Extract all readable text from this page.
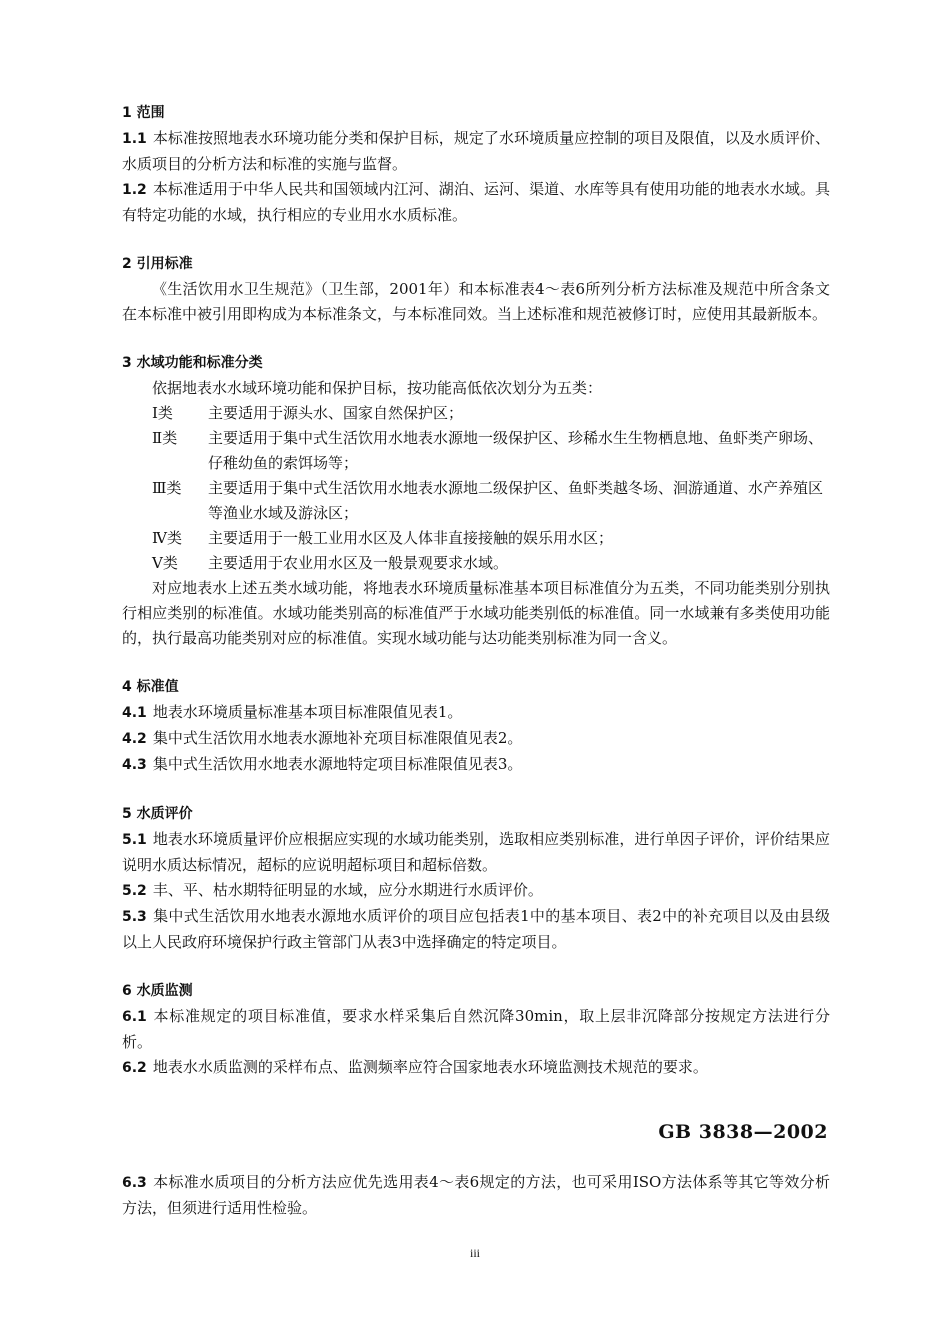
1 范围

1.1 本标准按照地表水环境功能分类和保护目标，规定了水环境质量应控制的项目及限值，以及水质评价、水质项目的分析方法和标准的实施与监督。

1.2 本标准适用于中华人民共和国领域内江河、湖泊、运河、渠道、水库等具有使用功能的地表水水域。具有特定功能的水域，执行相应的专业用水水质标准。

2 引用标准

《生活饮用水卫生规范》（卫生部，2001年）和本标准表4～表6所列分析方法标准及规范中所含条文在本标准中被引用即构成为本标准条文，与本标准同效。当上述标准和规范被修订时，应使用其最新版本。

3 水域功能和标准分类

依据地表水水域环境功能和保护目标，按功能高低依次划分为五类：

Ⅰ类	主要适用于源头水、国家自然保护区；
Ⅱ类	主要适用于集中式生活饮用水地表水源地一级保护区、珍稀水生生物栖息地、鱼虾类产卵场、仔稚幼鱼的索饵场等；
Ⅲ类	主要适用于集中式生活饮用水地表水源地二级保护区、鱼虾类越冬场、洄游通道、水产养殖区等渔业水域及游泳区；
Ⅳ类	主要适用于一般工业用水区及人体非直接接触的娱乐用水区；
Ⅴ类	主要适用于农业用水区及一般景观要求水域。

对应地表水上述五类水域功能，将地表水环境质量标准基本项目标准值分为五类，不同功能类别分别执行相应类别的标准值。水域功能类别高的标准值严于水域功能类别低的标准值。同一水域兼有多类使用功能的，执行最高功能类别对应的标准值。实现水域功能与达功能类别标准为同一含义。

4 标准值

4.1 地表水环境质量标准基本项目标准限值见表1。

4.2 集中式生活饮用水地表水源地补充项目标准限值见表2。

4.3 集中式生活饮用水地表水源地特定项目标准限值见表3。

5 水质评价

5.1 地表水环境质量评价应根据应实现的水域功能类别，选取相应类别标准，进行单因子评价，评价结果应说明水质达标情况，超标的应说明超标项目和超标倍数。

5.2 丰、平、枯水期特征明显的水域，应分水期进行水质评价。

5.3 集中式生活饮用水地表水源地水质评价的项目应包括表1中的基本项目、表2中的补充项目以及由县级以上人民政府环境保护行政主管部门从表3中选择确定的特定项目。

6 水质监测

6.1 本标准规定的项目标准值，要求水样采集后自然沉降30min，取上层非沉降部分按规定方法进行分析。

6.2 地表水水质监测的采样布点、监测频率应符合国家地表水环境监测技术规范的要求。

GB 3838—2002

6.3 本标准水质项目的分析方法应优先选用表4～表6规定的方法，也可采用ISO方法体系等其它等效分析方法，但须进行适用性检验。

iii
